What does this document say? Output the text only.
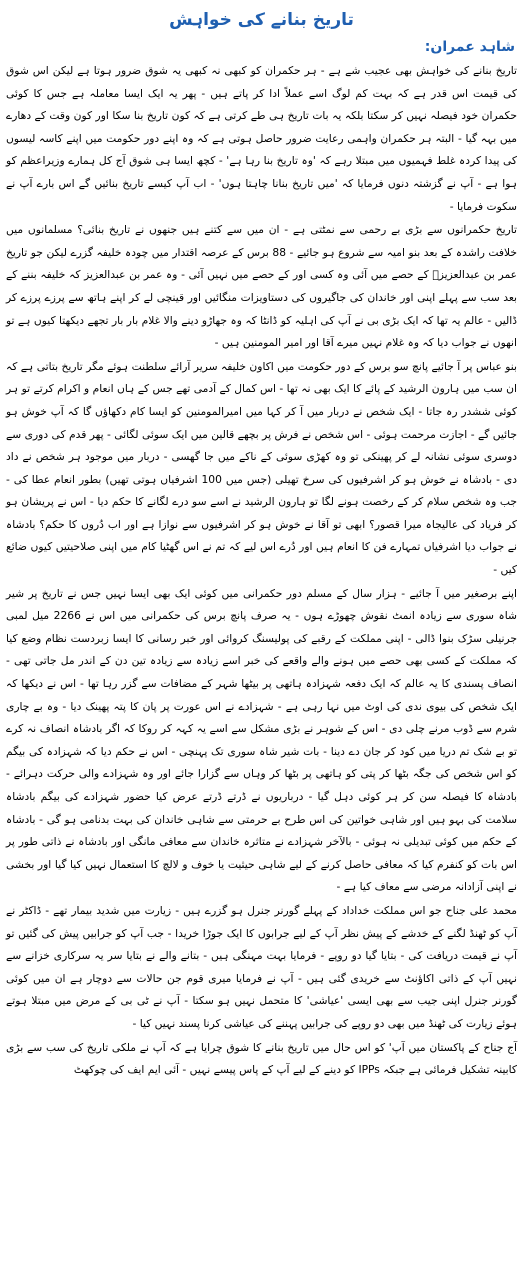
تاریخ بنانے کی خواہش
شاہد عمران:

تاریخ بنانے کی خواہش بھی عجیب شے ہے - ہر حکمران کو کبھی نہ کبھی یہ شوق ضرور ہوتا ہے لیکن اس شوق کی قیمت اس قدر ہے کہ بہت کم لوگ اسے عملاً ادا کر پاتے ہیں - پھر یہ ایک ایسا معاملہ ہے جس کا کوئی حکمران خود فیصلہ نہیں کر سکتا بلکہ یہ بات تاریخ ہی طے کرتی ہے کہ کون تاریخ بنا سکا اور کون وقت کے دھارے میں بہہ گیا - البتہ ہر حکمران واہمی رعایت ضرور حاصل ہوتی ہے کہ وہ اپنے دور حکومت میں اپنے کاسہ لیسوں کی پیدا کردہ غلط فہمیوں میں مبتلا رہے کہ 'وہ تاریخ بنا رہا ہے' - کچھ ایسا ہی شوق آج کل ہمارے وزیراعظم کو ہوا ہے - آپ نے گزشتہ دنوں فرمایا کہ 'میں تاریخ بنانا چاہتا ہوں' - اب آپ کیسے تاریخ بنائیں گے اس بارے آپ نے سکوت فرمایا -

تاریخ حکمرانوں سے بڑی بے رحمی سے نمٹتی ہے - ان میں سے کتنے ہیں جنھوں نے تاریخ بنائی؟ مسلمانوں میں خلافت راشدہ کے بعد بنو امیہ سے شروع ہو جائیے - 88 برس کے عرصہ اقتدار میں چودہ خلیفہ گزرے لیکن جو تاریخ عمر بن عبدالعزیزؒ کے حصے میں آئی وہ کسی اور کے حصے میں نہیں آئی - وہ عمر بن عبدالعزیز کہ خلیفہ بننے کے بعد سب سے پہلے اپنی اور خاندان کی جاگیروں کی دستاویزات منگائیں اور قینچی لے کر اپنے ہاتھ سے پرزے پرزے کر ڈالیں - عالم یہ تھا کہ ایک بڑی بی نے آپ کی اہلیہ کو ڈانٹا کہ وہ جھاڑو دینے والا غلام بار بار تجھے دیکھتا کیوں ہے تو انھوں نے جواب دیا کہ وہ غلام نہیں میرے آقا اور امیر المومنین ہیں -

بنو عباس پر آ جائیے پانچ سو برس کے دور حکومت میں اکاون خلیفہ سریر آرائے سلطنت ہوئے مگر تاریخ بتاتی ہے کہ ان سب میں ہارون الرشید کے پائے کا ایک بھی نہ تھا - اس کمال کے آدمی تھے جس کے ہاں انعام و اکرام کرتے تو ہر کوئی ششدر رہ جاتا - ایک شخص نے دربار میں آ کر کہا میں امیرالمومنین کو ایسا کام دکھاؤں گا کہ آپ خوش ہو جائیں گے - اجازت مرحمت ہوئی - اس شخص نے فرش پر بچھے قالین میں ایک سوئی لگائی - پھر قدم کی دوری سے دوسری سوئی نشانہ لے کر پھینکی تو وہ کھڑی سوئی کے ناکے میں جا گھسی - دربار میں موجود ہر شخص نے داد دی - بادشاہ نے خوش ہو کر اشرفیوں کی سرخ تھیلی (جس میں 100 اشرفیاں ہوتی تھیں) بطور انعام عطا کی - جب وہ شخص سلام کر کے رخصت ہونے لگا تو ہارون الرشید نے اسے سو درے لگانے کا حکم دیا - اس نے پریشان ہو کر فریاد کی عالیجاہ میرا قصور؟ ابھی تو آقا نے خوش ہو کر اشرفیوں سے نوازا ہے اور اب دُروں کا حکم؟ بادشاہ نے جواب دیا اشرفیاں تمہارے فن کا انعام ہیں اور دُرے اس لیے کہ تم نے اس گھٹیا کام میں اپنی صلاحیتیں کیوں ضائع کیں -

اپنے برصغیر میں آ جائیے - ہزار سال کے مسلم دور حکمرانی میں کوئی ایک بھی ایسا نہیں جس نے تاریخ پر شیر شاہ سوری سے زیادہ انمٹ نقوش چھوڑے ہوں - یہ صرف پانچ برس کی حکمرانی میں اس نے 2266 میل لمبی جرنیلی سڑک بنوا ڈالی - اپنی مملکت کے رقبے کی پولیسنگ کروائی اور خبر رسانی کا ایسا زبردست نظام وضع کیا کہ مملکت کے کسی بھی حصے میں ہونے والے واقعے کی خبر اسے زیادہ سے زیادہ تین دن کے اندر مل جاتی تھی - انصاف پسندی کا یہ عالم کہ ایک دفعہ شہزادہ ہاتھی پر بیٹھا شہر کے مضافات سے گزر رہا تھا - اس نے دیکھا کہ ایک شخص کی بیوی ندی کی اوٹ میں نہا رہی ہے - شہزادے نے اس عورت پر پان کا پتہ پھینک دیا - وہ بے چاری شرم سے ڈوب مرنے چلی دی - اس کے شوہر نے بڑی مشکل سے اسے یہ کہہ کر روکا کہ اگر بادشاہ انصاف نہ کرے تو بے شک تم دریا میں کود کر جان دے دینا - بات شیر شاہ سوری تک پہنچی - اس نے حکم دیا کہ شہزادہ کی بیگم کو اس شخص کی جگہ بٹھا کر پتی کو ہاتھی پر بٹھا کر وہاں سے گزارا جائے اور وہ شہزادے والی حرکت دہرائے - بادشاہ کا فیصلہ سن کر ہر کوئی دہل گیا - درباریوں نے ڈرتے ڈرتے عرض کیا حضور شہزادے کی بیگم بادشاہ سلامت کی بہو ہیں اور شاہی خواتین کی اس طرح بے حرمتی سے شاہی خاندان کی بہت بدنامی ہو گی - بادشاہ کے حکم میں کوئی تبدیلی نہ ہوئی - بالآخر شہزادے نے متاثرہ خاندان سے معافی مانگی اور بادشاہ نے ذاتی طور پر اس بات کو کنفرم کیا کہ معافی حاصل کرنے کے لیے شاہی حیثیت یا خوف و لالچ کا استعمال نہیں کیا گیا اور بخشی نے اپنی آزادانہ مرضی سے معاف کیا ہے -

محمد علی جناح جو اس مملکت خداداد کے پہلے گورنر جنرل ہو گزرے ہیں - زیارت میں شدید بیمار تھے - ڈاکٹر نے آپ کو ٹھنڈ لگنے کے خدشے کے پیش نظر آپ کے لیے جرابوں کا ایک جوڑا خریدا - جب آپ کو جرابیں پیش کی گئیں تو آپ نے قیمت دریافت کی - بتایا گیا دو روپے - فرمایا بہت مہنگی ہیں - بتانے والے نے بتایا سر یہ سرکاری خزانے سے نہیں آپ کے ذاتی اکاؤنٹ سے خریدی گئی ہیں - آپ نے فرمایا میری قوم جن حالات سے دوچار ہے ان میں کوئی گورنر جنرل اپنی جیب سے بھی ایسی 'عیاشی' کا متحمل نہیں ہو سکتا - آپ نے ٹی بی کے مرض میں مبتلا ہوتے ہوئے زیارت کی ٹھنڈ میں بھی دو روپے کی جرابیں پہننے کی عیاشی کرنا پسند نہیں کیا -

آج جناح کے پاکستان میں آپ' کو اس حال میں تاریخ بنانے کا شوق چرایا ہے کہ آپ نے ملکی تاریخ کی سب سے بڑی کابینہ تشکیل فرمائی ہے جبکہ IPPs کو دینے کے لیے آپ کے پاس پیسے نہیں - آئی ایم ایف کی چوکھٹ
